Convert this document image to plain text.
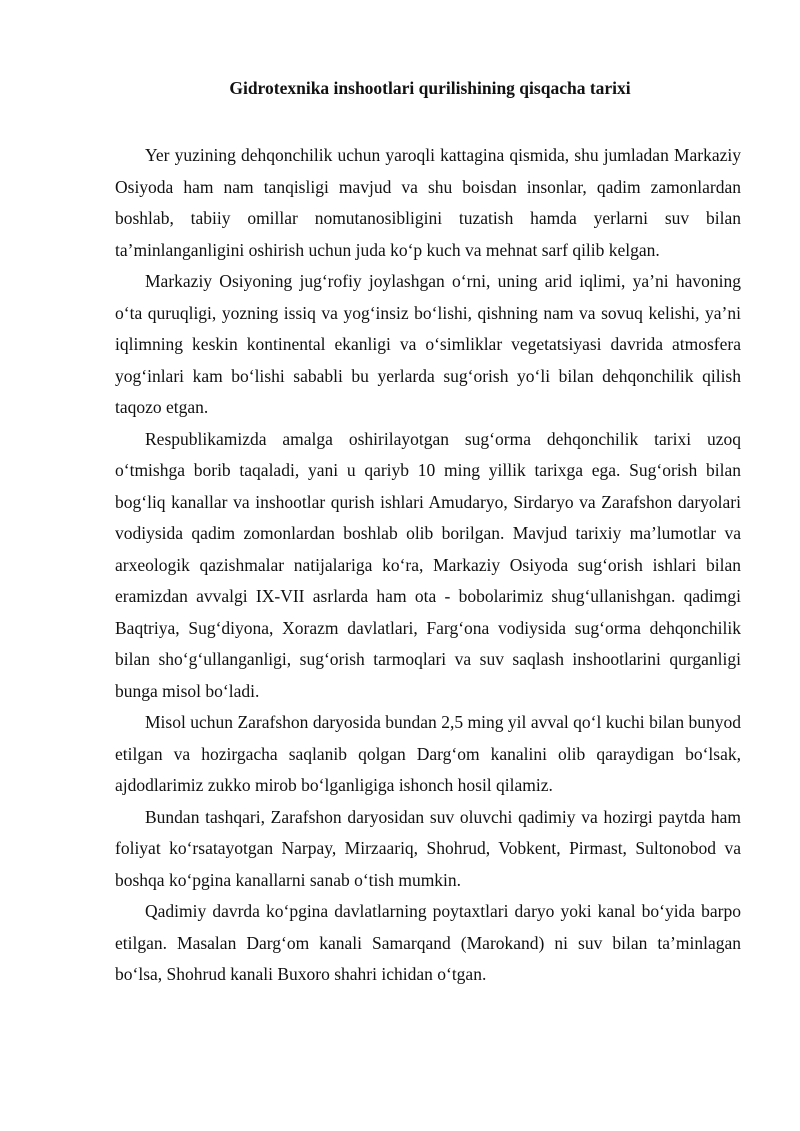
Gidrotexnika inshootlari qurilishining qisqacha tarixi

Yer yuzining dehqonchilik uchun yaroqli kattagina qismida, shu jumladan Markaziy Osiyoda ham nam tanqisligi mavjud va shu boisdan insonlar, qadim zamonlardan boshlab, tabiiy omillar nomutanosibligini tuzatish hamda yerlarni suv bilan ta’minlanganligini oshirish uchun juda ko‘p kuch va mehnat sarf qilib kelgan.

Markaziy Osiyoning jug‘rofiy joylashgan o‘rni, uning arid iqlimi, ya’ni havoning o‘ta quruqligi, yozning issiq va yog‘insiz bo‘lishi, qishning nam va sovuq kelishi, ya’ni iqlimning keskin kontinental ekanligi va o‘simliklar vegetatsiyasi davrida atmosfera yog‘inlari kam bo‘lishi sababli bu yerlarda sug‘orish yo‘li bilan dehqonchilik qilish taqozo etgan.

Respublikamizda amalga oshirilayotgan sug‘orma dehqonchilik tarixi uzoq o‘tmishga borib taqaladi, yani u qariyb 10 ming yillik tarixga ega. Sug‘orish bilan bog‘liq kanallar va inshootlar qurish ishlari Amudaryo, Sirdaryo va Zarafshon daryolari vodiysida qadim zomonlardan boshlab olib borilgan. Mavjud tarixiy ma’lumotlar va arxeologik qazishmalar natijalariga ko‘ra, Markaziy Osiyoda sug‘orish ishlari bilan eramizdan avvalgi IX-VII asrlarda ham ota - bobolarimiz shug‘ullanishgan. qadimgi Baqtriya, Sug‘diyona, Xorazm davlatlari, Farg‘ona vodiysida sug‘orma dehqonchilik bilan sho‘g‘ullanganligi, sug‘orish tarmoqlari va suv saqlash inshootlarini qurganligi bunga misol bo‘ladi.

Misol uchun Zarafshon daryosida bundan 2,5 ming yil avval qo‘l kuchi bilan bunyod etilgan va hozirgacha saqlanib qolgan Darg‘om kanalini olib qaraydigan bo‘lsak, ajdodlarimiz zukko mirob bo‘lganligiga ishonch hosil qilamiz.

Bundan tashqari, Zarafshon daryosidan suv oluvchi qadimiy va hozirgi paytda ham foliyat ko‘rsatayotgan Narpay, Mirzaariq, Shohrud, Vobkent, Pirmast, Sultonobod va boshqa ko‘pgina kanallarni sanab o‘tish mumkin.

Qadimiy davrda ko‘pgina davlatlarning poytaxtlari daryo yoki kanal bo‘yida barpo etilgan. Masalan Darg‘om kanali Samarqand (Marokand) ni suv bilan ta’minlagan bo‘lsa, Shohrud kanali Buxoro shahri ichidan o‘tgan.
